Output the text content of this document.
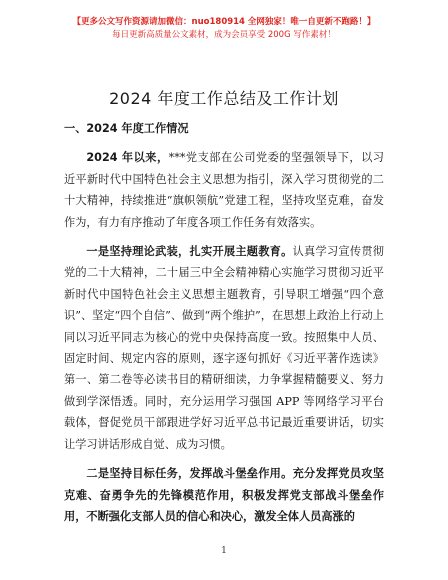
【更多公文写作资源请加微信：nuo180914 全网独家！唯一自更新不跑路！】
每日更新高质量公文素材，成为会员享受 200G 写作素材！
2024 年度工作总结及工作计划

一、2024 年度工作情况

2024 年以来，***党支部在公司党委的坚强领导下，以习近平新时代中国特色社会主义思想为指引，深入学习贯彻党的二十大精神，持续推进“旗帜领航”党建工程，坚持攻坚克难，奋发作为，有力有序推动了年度各项工作任务有效落实。

一是坚持理论武装，扎实开展主题教育。认真学习宣传贯彻党的二十大精神，二十届三中全会精神精心实施学习贯彻习近平新时代中国特色社会主义思想主题教育，引导职工增强“四个意识”、坚定“四个自信”、做到“两个维护”，在思想上政治上行动上同以习近平同志为核心的党中央保持高度一致。按照集中人员、固定时间、规定内容的原则，逐字逐句抓好《习近平著作选读》第一、第二卷等必读书目的精研细读，力争掌握精髓要义、努力做到学深悟透。同时，充分运用学习强国 APP 等网络学习平台载体，督促党员干部跟进学好习近平总书记最近重要讲话，切实让学习讲话形成自觉、成为习惯。

二是坚持目标任务，发挥战斗堡垒作用。充分发挥党员攻坚克难、奋勇争先的先锋模范作用，积极发挥党支部战斗堡垒作用，不断强化支部人员的信心和决心，激发全体人员高涨的

1
